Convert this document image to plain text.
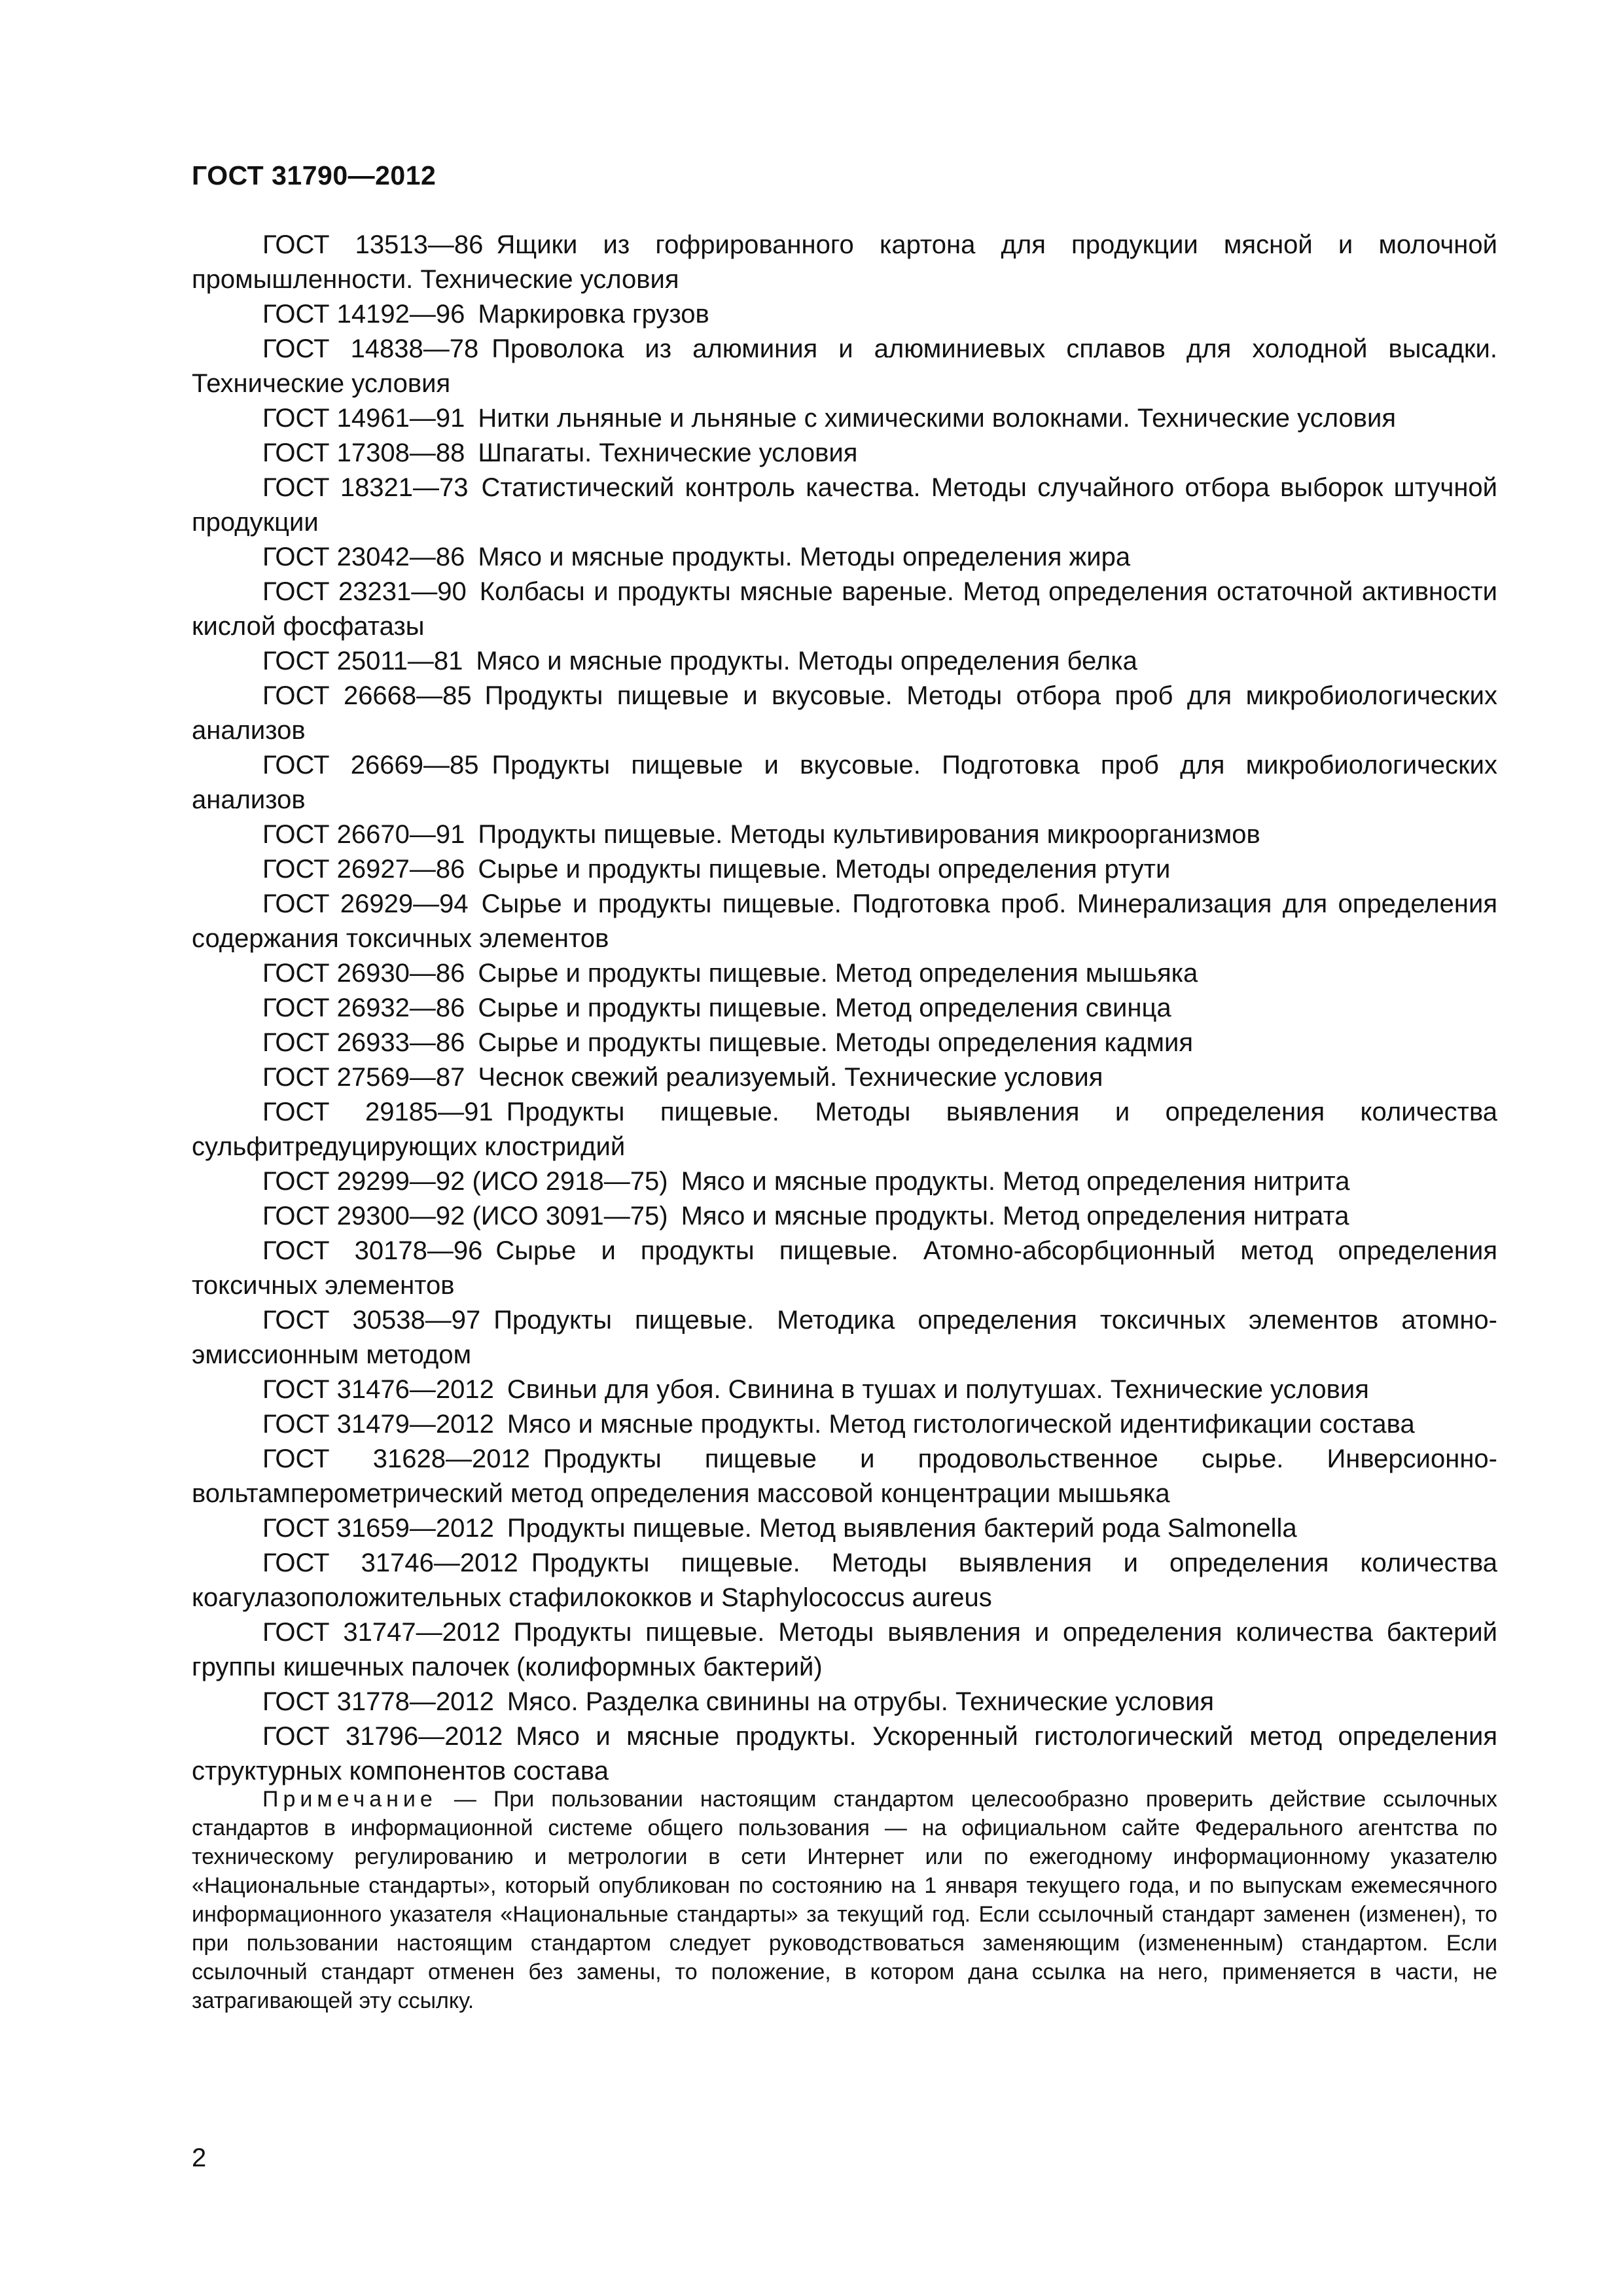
ГОСТ 31790—2012
ГОСТ 13513—86  Ящики из гофрированного картона для продукции мясной и молочной промышленности. Технические условия
ГОСТ 14192—96  Маркировка грузов
ГОСТ 14838—78  Проволока из алюминия и алюминиевых сплавов для холодной высадки. Технические условия
ГОСТ 14961—91  Нитки льняные и льняные с химическими волокнами. Технические условия
ГОСТ 17308—88  Шпагаты. Технические условия
ГОСТ 18321—73  Статистический контроль качества. Методы случайного отбора выборок штучной продукции
ГОСТ 23042—86  Мясо и мясные продукты. Методы определения жира
ГОСТ 23231—90  Колбасы и продукты мясные вареные. Метод определения остаточной активности кислой фосфатазы
ГОСТ 25011—81  Мясо и мясные продукты. Методы определения белка
ГОСТ 26668—85  Продукты пищевые и вкусовые. Методы отбора проб для микробиологических анализов
ГОСТ 26669—85  Продукты пищевые и вкусовые. Подготовка проб для микробиологических анализов
ГОСТ 26670—91  Продукты пищевые. Методы культивирования микроорганизмов
ГОСТ 26927—86  Сырье и продукты пищевые. Методы определения ртути
ГОСТ 26929—94  Сырье и продукты пищевые. Подготовка проб. Минерализация для определения содержания токсичных элементов
ГОСТ 26930—86  Сырье и продукты пищевые. Метод определения мышьяка
ГОСТ 26932—86  Сырье и продукты пищевые. Метод определения свинца
ГОСТ 26933—86  Сырье и продукты пищевые. Методы определения кадмия
ГОСТ 27569—87  Чеснок свежий реализуемый. Технические условия
ГОСТ 29185—91  Продукты пищевые. Методы выявления и определения количества сульфитредуцирующих клостридий
ГОСТ 29299—92 (ИСО 2918—75)  Мясо и мясные продукты. Метод определения нитрита
ГОСТ 29300—92 (ИСО 3091—75)  Мясо и мясные продукты. Метод определения нитрата
ГОСТ 30178—96  Сырье и продукты пищевые. Атомно-абсорбционный метод определения токсичных элементов
ГОСТ 30538—97  Продукты пищевые. Методика определения токсичных элементов атомно-эмиссионным методом
ГОСТ 31476—2012  Свиньи для убоя. Свинина в тушах и полутушах. Технические условия
ГОСТ 31479—2012  Мясо и мясные продукты. Метод гистологической идентификации состава
ГОСТ 31628—2012  Продукты пищевые и продовольственное сырье. Инверсионно-вольтамперометрический метод определения массовой концентрации мышьяка
ГОСТ 31659—2012  Продукты пищевые. Метод выявления бактерий рода Salmonella
ГОСТ 31746—2012  Продукты пищевые. Методы выявления и определения количества коагулазоположительных стафилококков и Staphylococcus aureus
ГОСТ 31747—2012  Продукты пищевые. Методы выявления и определения количества бактерий группы кишечных палочек (колиформных бактерий)
ГОСТ 31778—2012  Мясо. Разделка свинины на отрубы. Технические условия
ГОСТ 31796—2012  Мясо и мясные продукты. Ускоренный гистологический метод определения структурных компонентов состава
Примечание — При пользовании настоящим стандартом целесообразно проверить действие ссылочных стандартов в информационной системе общего пользования — на официальном сайте Федерального агентства по техническому регулированию и метрологии в сети Интернет или по ежегодному информационному указателю «Национальные стандарты», который опубликован по состоянию на 1 января текущего года, и по выпускам ежемесячного информационного указателя «Национальные стандарты» за текущий год. Если ссылочный стандарт заменен (изменен), то при пользовании настоящим стандартом следует руководствоваться заменяющим (измененным) стандартом. Если ссылочный стандарт отменен без замены, то положение, в котором дана ссылка на него, применяется в части, не затрагивающей эту ссылку.
2
